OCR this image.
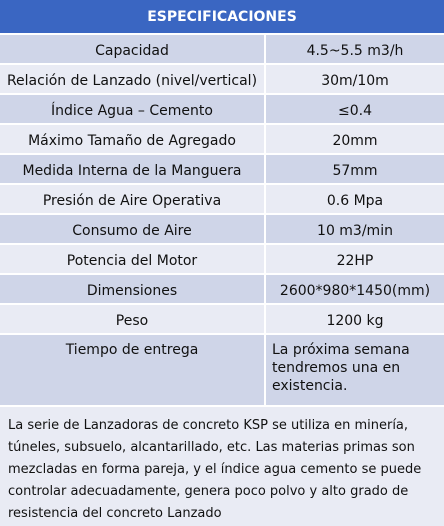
ESPECIFICACIONES
Capacidad	4.5~5.5 m3/h
Relación de Lanzado (nivel/vertical)	30m/10m
Índice Agua – Cemento	≤0.4
Máximo Tamaño de Agregado	20mm
Medida Interna de la Manguera	57mm
Presión de Aire Operativa	0.6 Mpa
Consumo de Aire	10 m3/min
Potencia del Motor	22HP
Dimensiones	2600*980*1450(mm)
Peso	1200 kg
Tiempo de entrega	La próxima semana tendremos una en existencia.
La serie de Lanzadoras de concreto KSP se utiliza en minería, túneles, subsuelo, alcantarillado, etc. Las materias primas son mezcladas en forma pareja, y el índice agua cemento se puede controlar adecuadamente, genera poco polvo y alto grado de resistencia del concreto Lanzado
